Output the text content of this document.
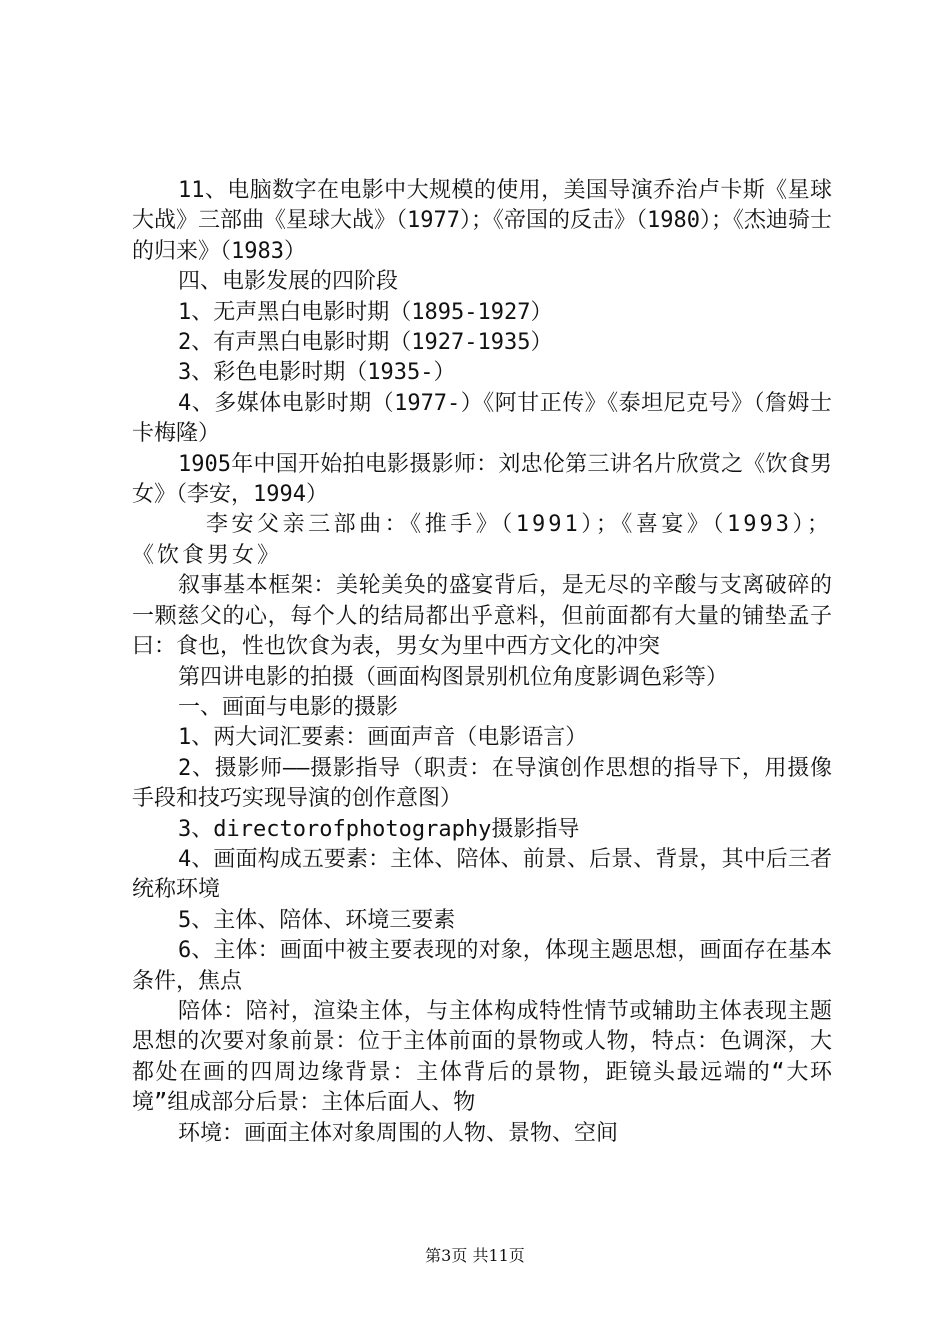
11、电脑数字在电影中大规模的使用，美国导演乔治卢卡斯《星球大战》三部曲《星球大战》（1977）；《帝国的反击》（1980）；《杰迪骑士的归来》（1983）

四、电影发展的四阶段

1、无声黑白电影时期（1895-1927）

2、有声黑白电影时期（1927-1935）

3、彩色电影时期（1935-）

4、多媒体电影时期（1977-）《阿甘正传》《泰坦尼克号》（詹姆士卡梅隆）

1905年中国开始拍电影摄影师：刘忠伦第三讲名片欣赏之《饮食男女》（李安，1994）

李安父亲三部曲：《推手》（1991）；《喜宴》（1993）；《饮食男女》

叙事基本框架：美轮美奂的盛宴背后，是无尽的辛酸与支离破碎的一颗慈父的心，每个人的结局都出乎意料，但前面都有大量的铺垫孟子曰：食也，性也饮食为表，男女为里中西方文化的冲突

第四讲电影的拍摄（画面构图景别机位角度影调色彩等）

一、画面与电影的摄影

1、两大词汇要素：画面声音（电影语言）

2、摄影师——摄影指导（职责：在导演创作思想的指导下，用摄像手段和技巧实现导演的创作意图）

3、directorofphotography摄影指导

4、画面构成五要素：主体、陪体、前景、后景、背景，其中后三者统称环境

5、主体、陪体、环境三要素

6、主体：画面中被主要表现的对象，体现主题思想，画面存在基本条件，焦点

陪体：陪衬，渲染主体，与主体构成特性情节或辅助主体表现主题思想的次要对象前景：位于主体前面的景物或人物，特点：色调深，大都处在画的四周边缘背景：主体背后的景物，距镜头最远端的“大环境”组成部分后景：主体后面人、物

环境：画面主体对象周围的人物、景物、空间

第3页 共11页
